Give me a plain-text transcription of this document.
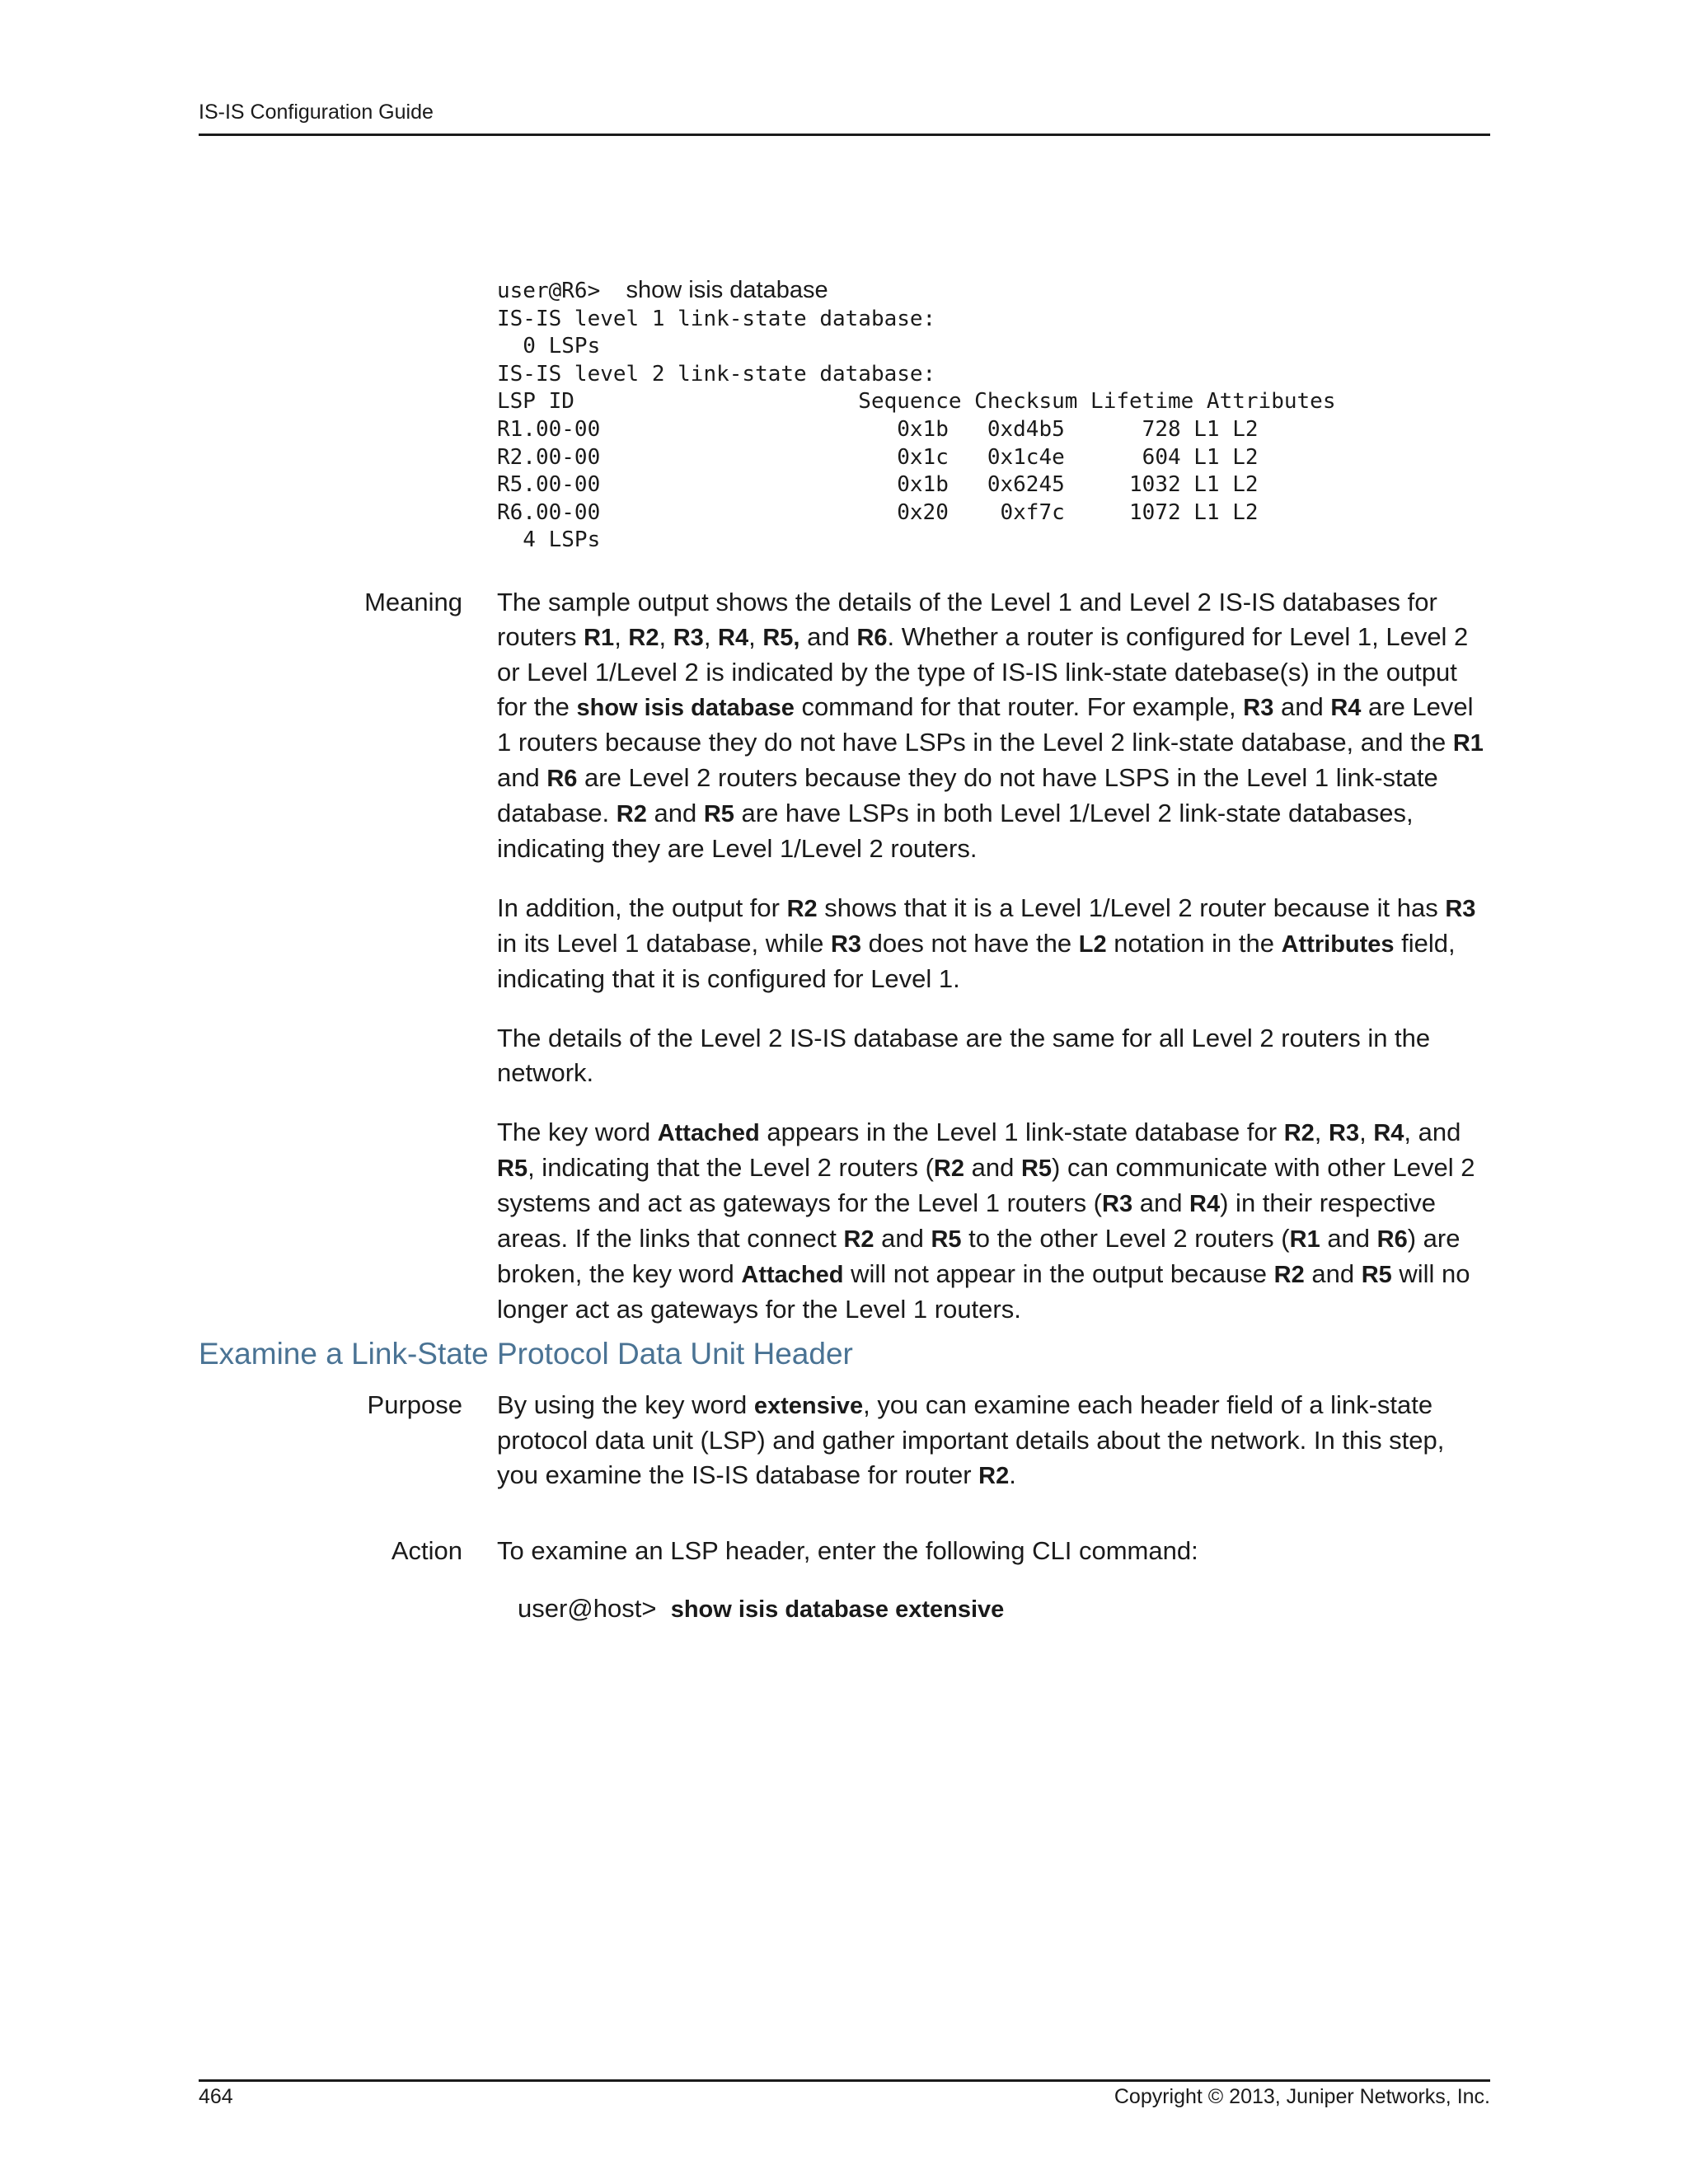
IS-IS Configuration Guide
user@R6> show isis database
IS-IS level 1 link-state database:
0 LSPs
IS-IS level 2 link-state database:
LSP ID                      Sequence Checksum Lifetime Attributes
R1.00-00                       0x1b   0xd4b5      728 L1 L2
R2.00-00                       0x1c   0x1c4e      604 L1 L2
R5.00-00                       0x1b   0x6245     1032 L1 L2
R6.00-00                       0x20    0xf7c     1072 L1 L2
4 LSPs
Meaning The sample output shows the details of the Level 1 and Level 2 IS-IS databases for routers R1, R2, R3, R4, R5, and R6. Whether a router is configured for Level 1, Level 2 or Level 1/Level 2 is indicated by the type of IS-IS link-state datebase(s) in the output for the show isis database command for that router. For example, R3 and R4 are Level 1 routers because they do not have LSPs in the Level 2 link-state database, and the R1 and R6 are Level 2 routers because they do not have LSPS in the Level 1 link-state database. R2 and R5 are have LSPs in both Level 1/Level 2 link-state databases, indicating they are Level 1/Level 2 routers.

In addition, the output for R2 shows that it is a Level 1/Level 2 router because it has R3 in its Level 1 database, while R3 does not have the L2 notation in the Attributes field, indicating that it is configured for Level 1.

The details of the Level 2 IS-IS database are the same for all Level 2 routers in the network.

The key word Attached appears in the Level 1 link-state database for R2, R3, R4, and R5, indicating that the Level 2 routers (R2 and R5) can communicate with other Level 2 systems and act as gateways for the Level 1 routers (R3 and R4) in their respective areas. If the links that connect R2 and R5 to the other Level 2 routers (R1 and R6) are broken, the key word Attached will not appear in the output because R2 and R5 will no longer act as gateways for the Level 1 routers.

Examine a Link-State Protocol Data Unit Header
Purpose By using the key word extensive, you can examine each header field of a link-state protocol data unit (LSP) and gather important details about the network. In this step, you examine the IS-IS database for router R2.

Action To examine an LSP header, enter the following CLI command:

user@host> show isis database extensive
464	Copyright © 2013, Juniper Networks, Inc.
